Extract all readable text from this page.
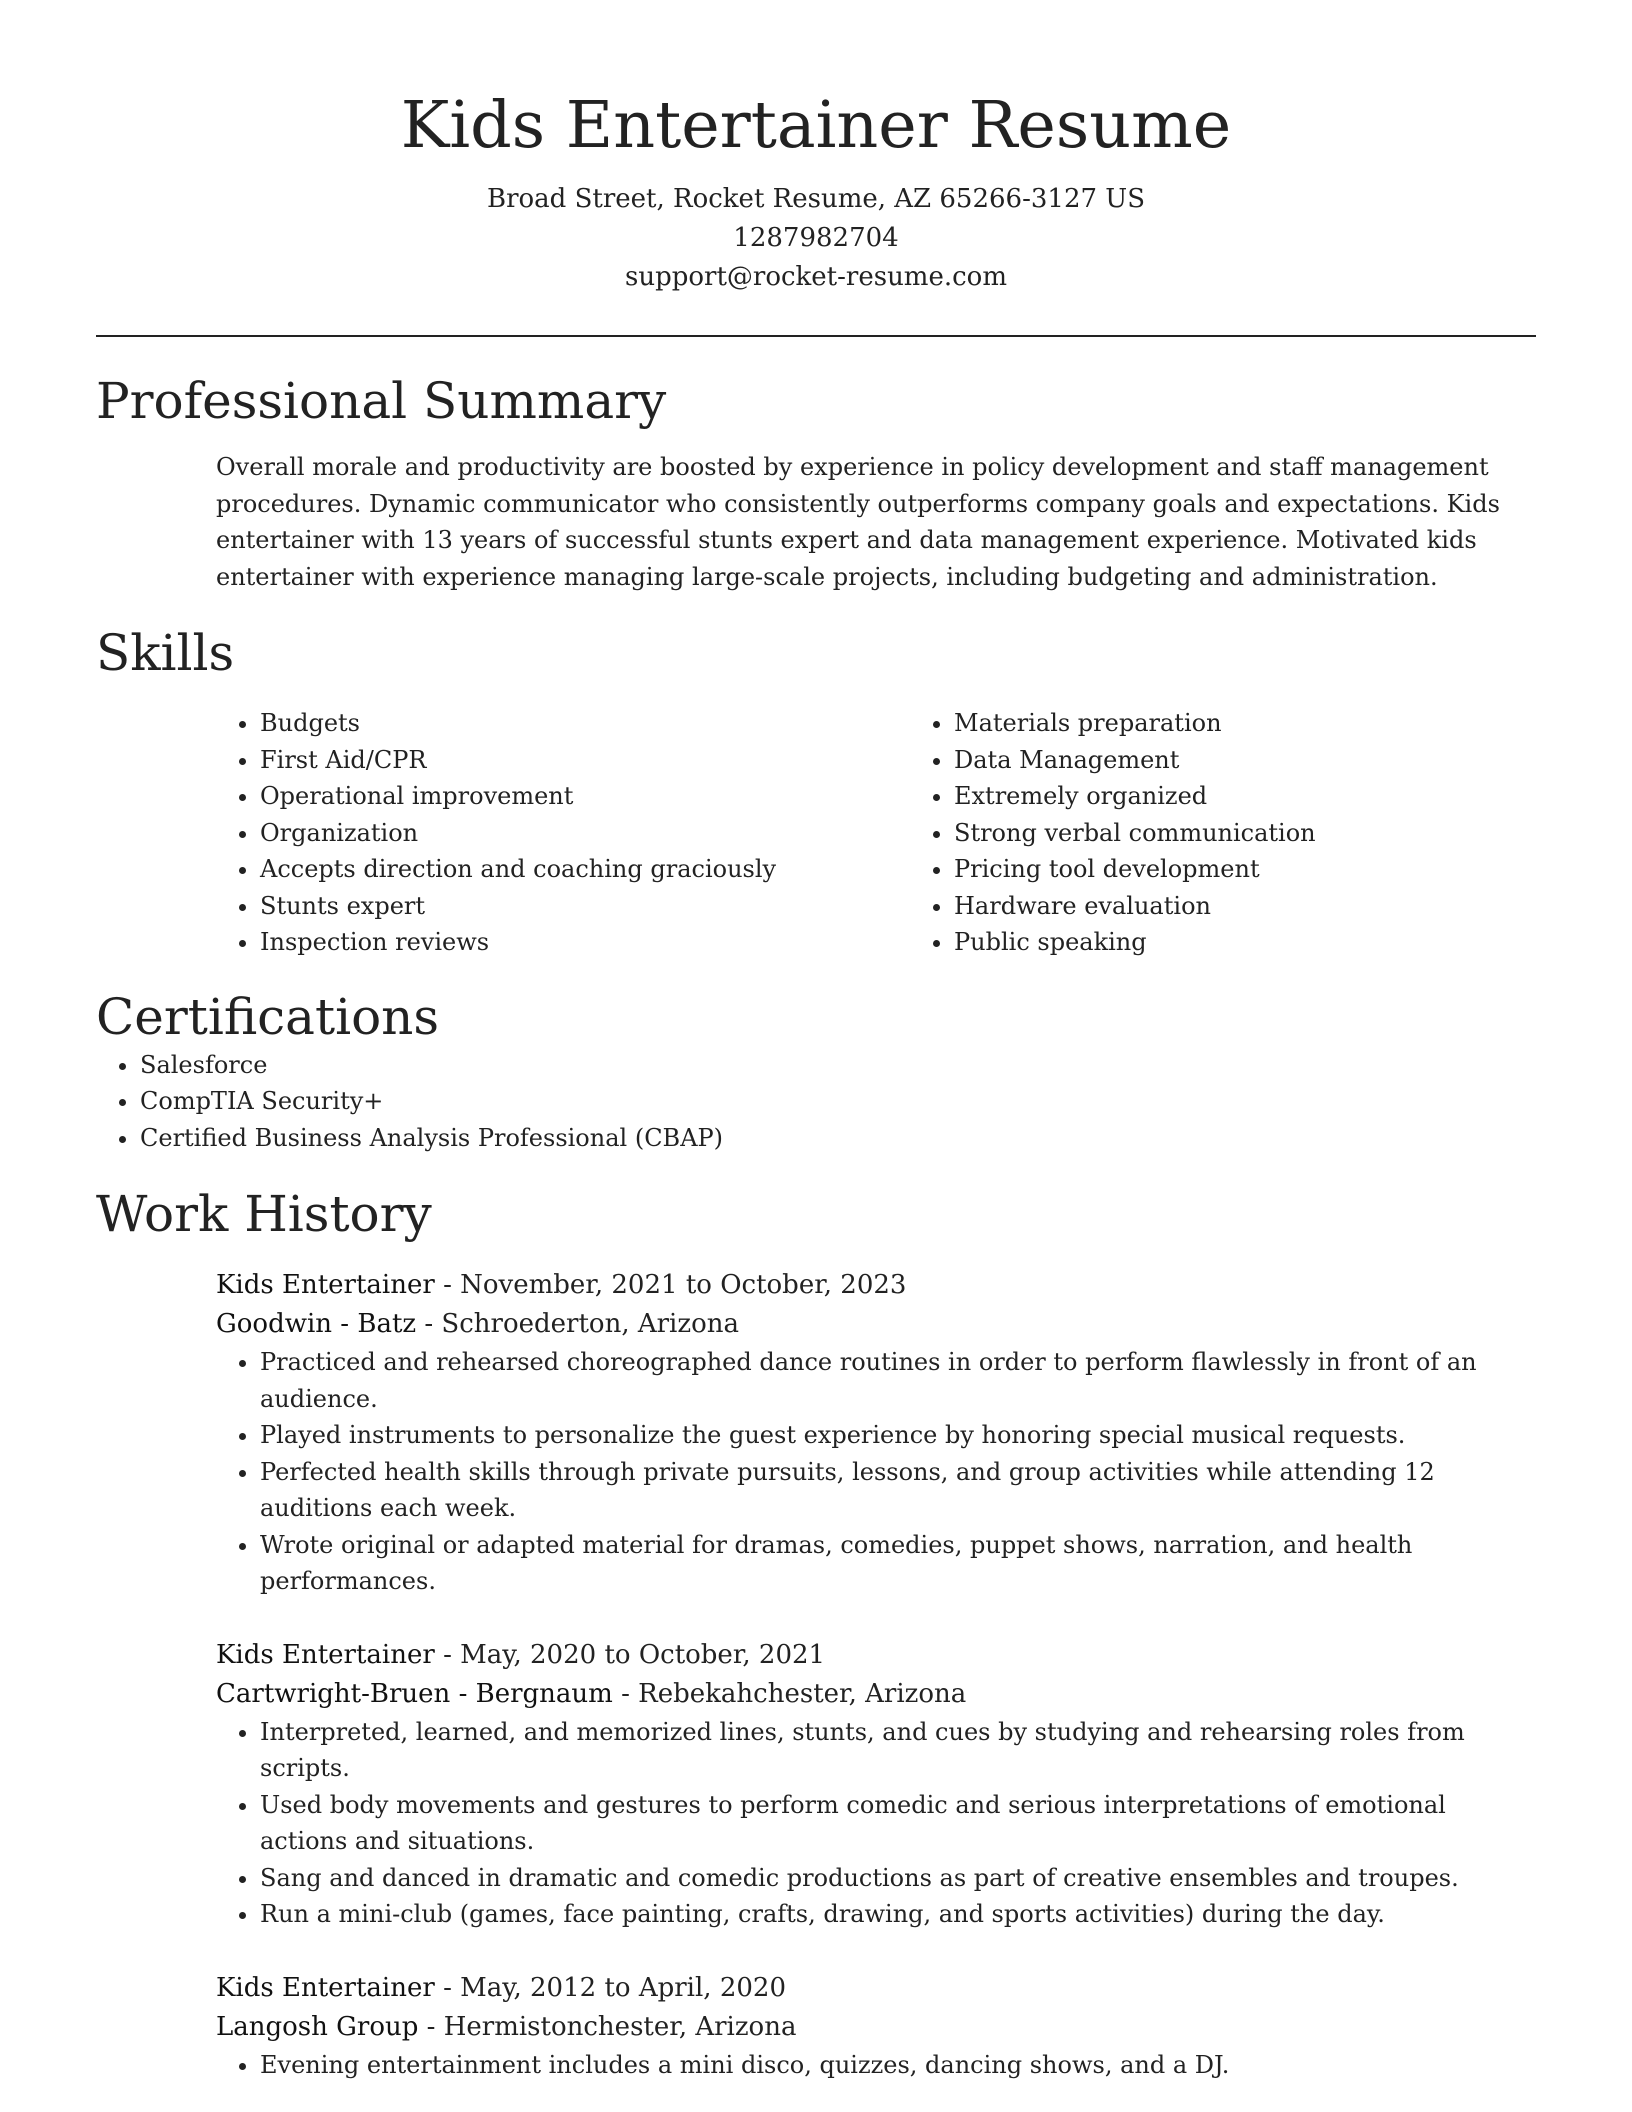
Kids Entertainer Resume
Broad Street, Rocket Resume, AZ 65266-3127 US
1287982704
support@rocket-resume.com
Professional Summary

Overall morale and productivity are boosted by experience in policy development and staff management procedures. Dynamic communicator who consistently outperforms company goals and expectations. Kids entertainer with 13 years of successful stunts expert and data management experience. Motivated kids entertainer with experience managing large-scale projects, including budgeting and administration.

Skills
• Budgets
• First Aid/CPR
• Operational improvement
• Organization
• Accepts direction and coaching graciously
• Stunts expert
• Inspection reviews
• Materials preparation
• Data Management
• Extremely organized
• Strong verbal communication
• Pricing tool development
• Hardware evaluation
• Public speaking
Certifications
• Salesforce
• CompTIA Security+
• Certified Business Analysis Professional (CBAP)
Work History
Kids Entertainer - November, 2021 to October, 2023
Goodwin - Batz - Schroederton, Arizona
• Practiced and rehearsed choreographed dance routines in order to perform flawlessly in front of an audience.
• Played instruments to personalize the guest experience by honoring special musical requests.
• Perfected health skills through private pursuits, lessons, and group activities while attending 12 auditions each week.
• Wrote original or adapted material for dramas, comedies, puppet shows, narration, and health performances.
Kids Entertainer - May, 2020 to October, 2021
Cartwright-Bruen - Bergnaum - Rebekahchester, Arizona
• Interpreted, learned, and memorized lines, stunts, and cues by studying and rehearsing roles from scripts.
• Used body movements and gestures to perform comedic and serious interpretations of emotional actions and situations.
• Sang and danced in dramatic and comedic productions as part of creative ensembles and troupes.
• Run a mini-club (games, face painting, crafts, drawing, and sports activities) during the day.
Kids Entertainer - May, 2012 to April, 2020
Langosh Group - Hermistonchester, Arizona
• Evening entertainment includes a mini disco, quizzes, dancing shows, and a DJ.
